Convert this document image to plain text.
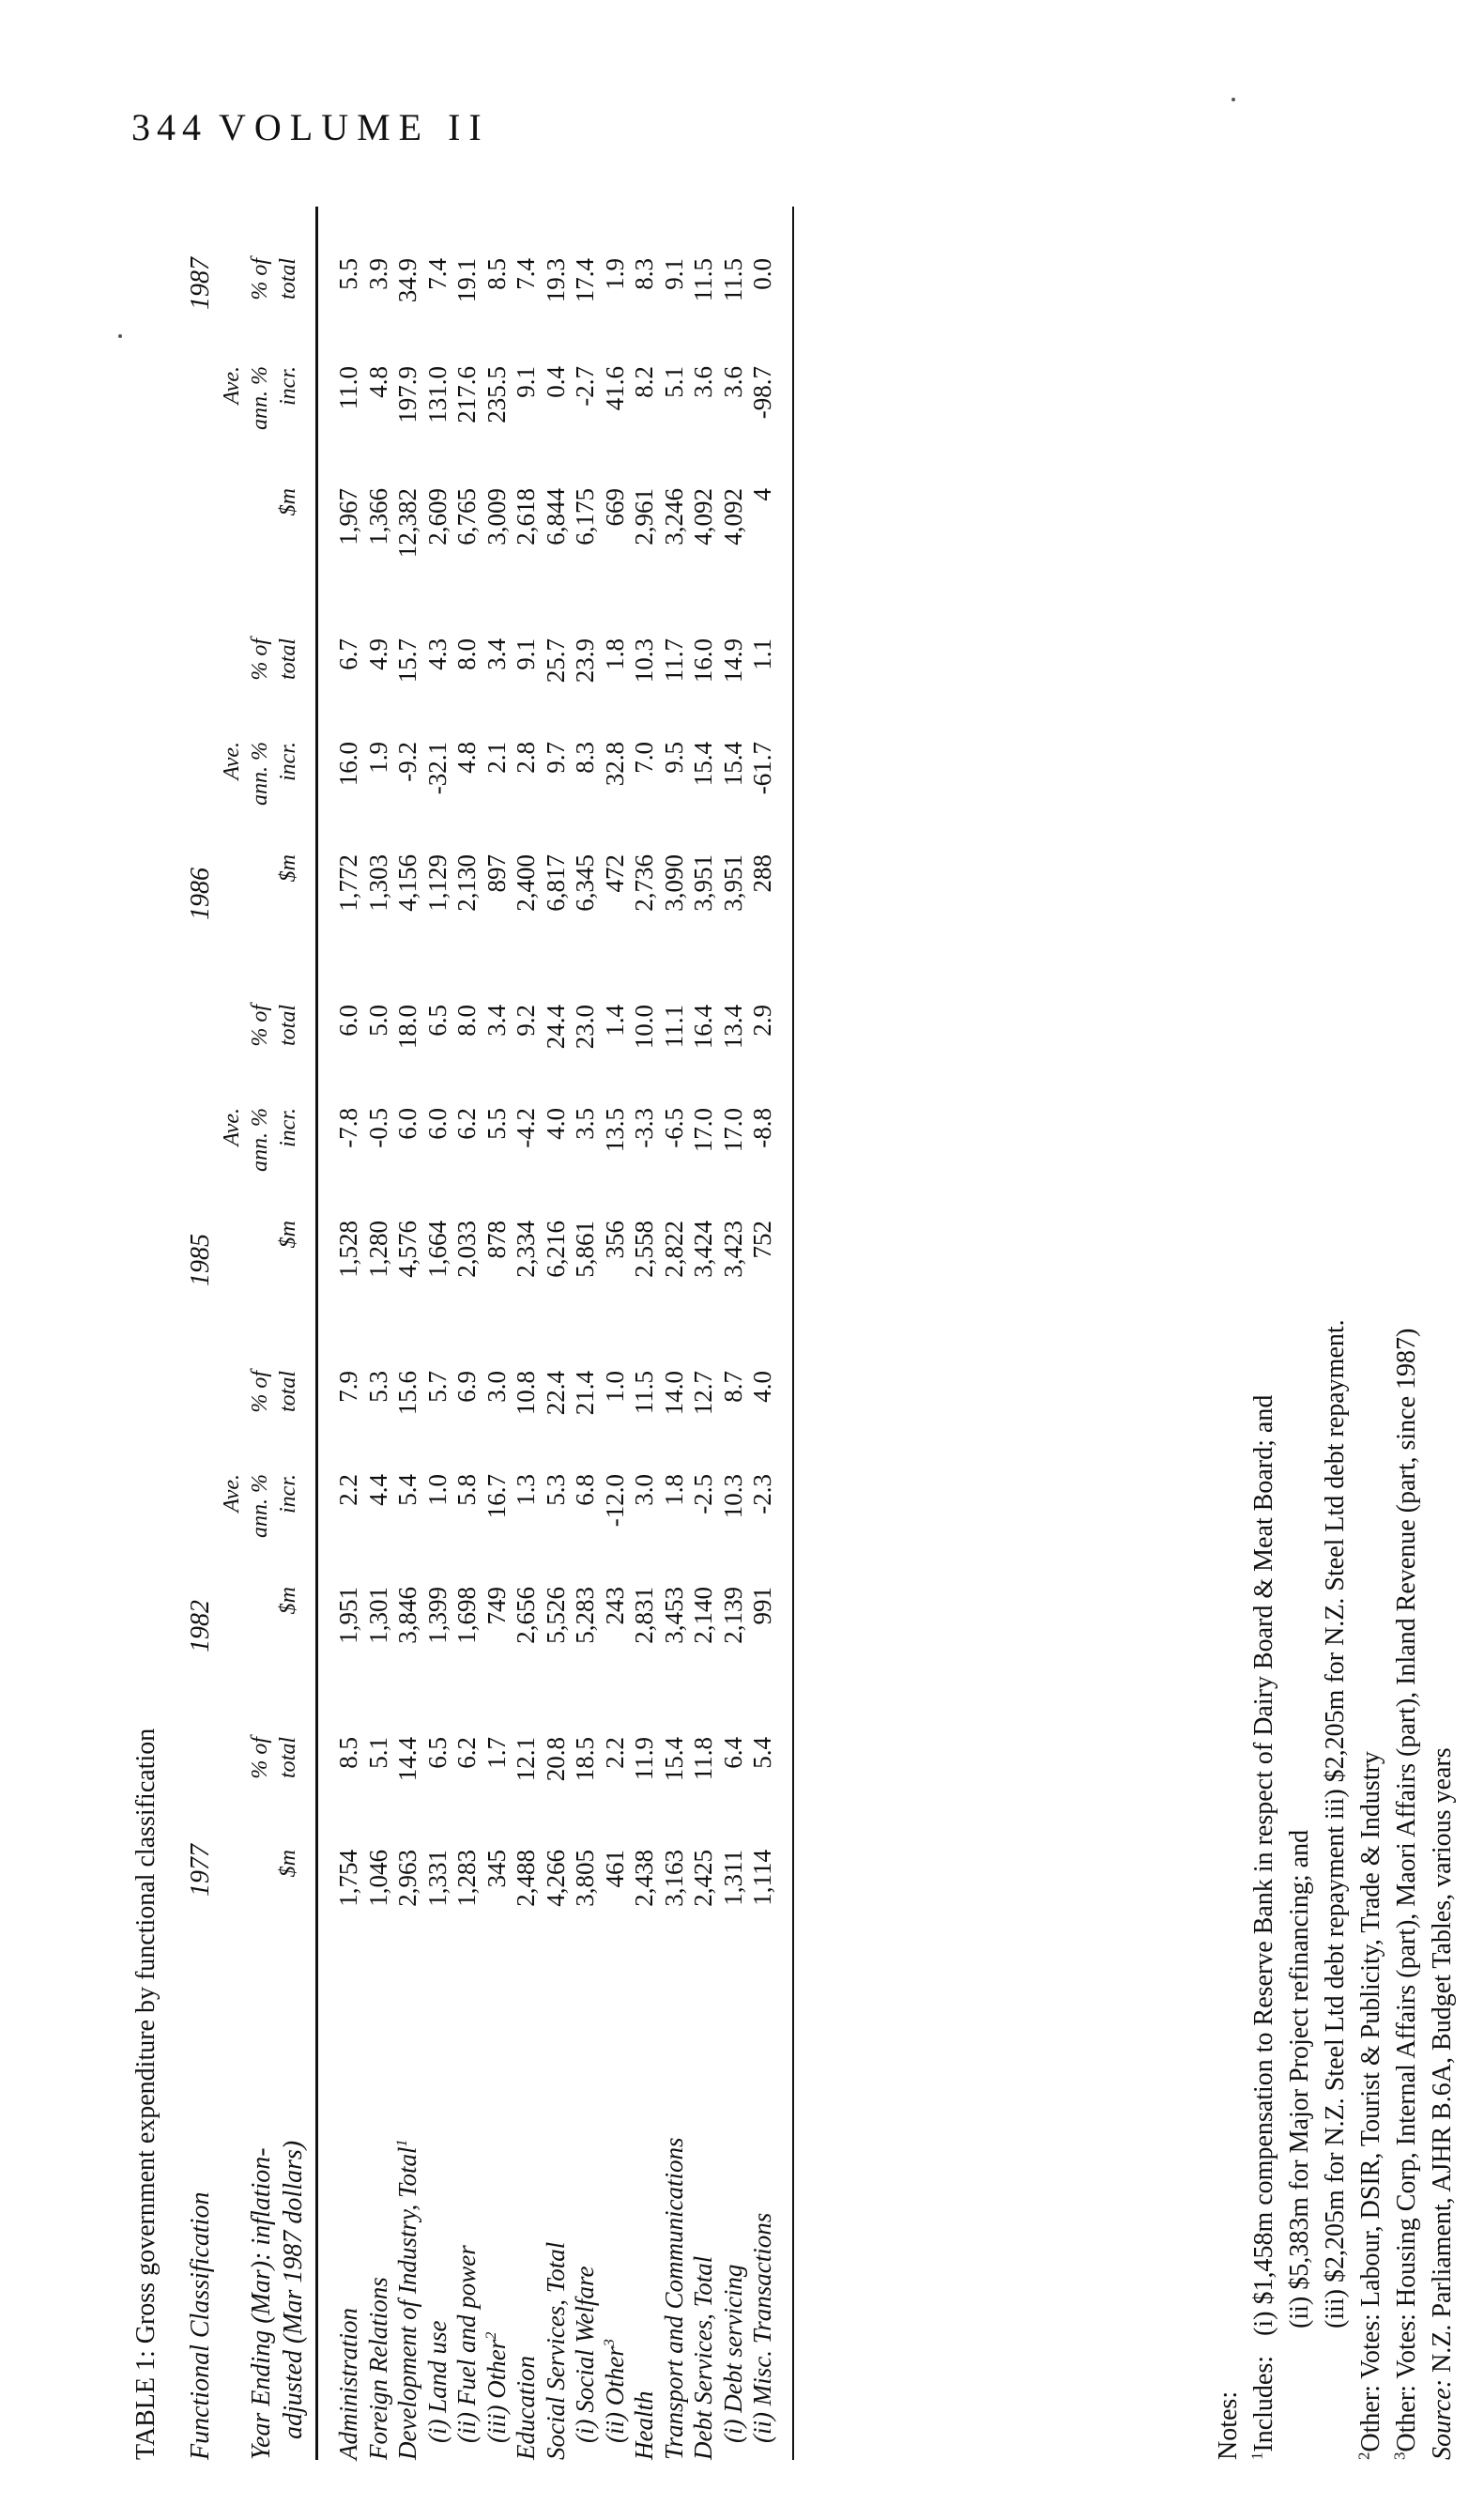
344 VOLUME II
TABLE 1: Gross government expenditure by functional classification Functional Classification
1977
1982
1985
1986
1987
Year Ending (Mar): inflation- adjusted (Mar 1987 dollars)
$m
% of total
$m
Ave. ann. % incr.
% of total
$m
Ave. ann. % incr.
% of total
$m
Ave. ann. % incr.
% of total
$m
Ave. ann. % incr.
% of total
Administration
1,754
8.5
1,951
2.2
7.9
1,528
-7.8
6.0
1,772
16.0
6.7
1,967
11.0
5.5
Foreign Relations
1,046
5.1
1,301
4.4
5.3
1,280
-0.5
5.0
1,303
1.9
4.9
1,366
4.8
3.9
Development of Industry, Total$^1$
2,963
14.4
3,846
5.4
15.6
4,576
6.0
18.0
4,156
-9.2
15.7
12,382
197.9
34.9
(i) Land use
1,331
6.5
1,399
1.0
5.7
1,664
6.0
6.5
1,129
-32.1
4.3
2,609
131.0
7.4
(ii) Fuel and power
1,283
6.2
1,698
5.8
6.9
2,033
6.2
8.0
2,130
4.8
8.0
6,765
217.6
19.1
(iii) Other$^2$
345
1.7
749
16.7
3.0
878
5.5
3.4
897
2.1
3.4
3,009
235.5
8.5
Education
2,488
12.1
2,656
1.3
10.8
2,334
-4.2
9.2
2,400
2.8
9.1
2,618
9.1
7.4
Social Services, Total
4,266
20.8
5,526
5.3
22.4
6,216
4.0
24.4
6,817
9.7
25.7
6,844
0.4
19.3
(i) Social Welfare
3,805
18.5
5,283
6.8
21.4
5,861
3.5
23.0
6,345
8.3
23.9
6,175
-2.7
17.4
(ii) Other$^3$
461
2.2
243
-12.0
1.0
356
13.5
1.4
472
32.8
1.8
669
41.6
1.9
Health
2,438
11.9
2,831
3.0
11.5
2,558
-3.3
10.0
2,736
7.0
10.3
2,961
8.2
8.3
Transport and Communications
3,163
15.4
3,453
1.8
14.0
2,822
-6.5
11.1
3,090
9.5
11.7
3,246
5.1
9.1
Debt Services, Total
2,425
11.8
2,140
-2.5
12.7
3,424
17.0
16.4
3,951
15.4
16.0
4,092
3.6
11.5
(i) Debt servicing
1,311
6.4
2,139
10.3
8.7
3,423
17.0
13.4
3,951
15.4
14.9
4,092
3.6
11.5
(ii) Misc. Transactions
1,114
5.4
991
-2.3
4.0
752
-8.8
2.9
288
-61.7
1.1
4
-98.7
0.0
Notes: $^1$Includes:   (i) $1,458m compensation to Reserve Bank in respect of Dairy Board & Meat Board; and (ii) $5,383m for Major Project refinancing; and (iii) $2,205m for N.Z. Steel Ltd debt repayment iii) $2,205m for N.Z. Steel Ltd debt repayment.
$^2$Other: Votes: Labour, DSIR, Tourist & Publicity, Trade & Industry
$^3$Other: Votes: Housing Corp, Internal Affairs (part), Maori Affairs (part), Inland Revenue (part, since 1987) Source: N.Z. Parliament, AJHR B.6A, Budget Tables, various years
